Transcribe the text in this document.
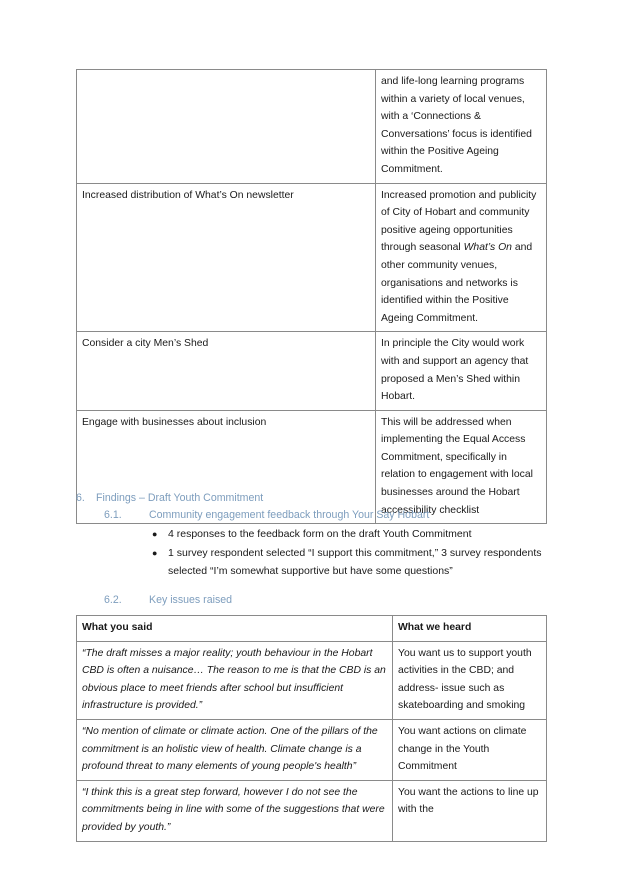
	and life-long learning programs within a variety of local venues, with a ‘Connections & Conversations’ focus is identified within the Positive Ageing Commitment.
Increased distribution of What’s On newsletter	Increased promotion and publicity of City of Hobart and community positive ageing opportunities through seasonal What’s On and other community venues, organisations and networks is identified within the Positive Ageing Commitment.
Consider a city Men’s Shed	In principle the City would work with and support an agency that proposed a Men’s Shed within Hobart.
Engage with businesses about inclusion	This will be addressed when implementing the Equal Access Commitment, specifically in relation to engagement with local businesses around the Hobart accessibility checklist
6.	Findings – Draft Youth Commitment
6.1.	Community engagement feedback through Your Say Hobart
●	4 responses to the feedback form on the draft Youth Commitment
●	1 survey respondent selected “I support this commitment,” 3 survey respondents selected “I’m somewhat supportive but have some questions”
6.2.	Key issues raised
What you said	What we heard
“The draft misses a major reality; youth behaviour in the Hobart CBD is often a nuisance… The reason to me is that the CBD is an obvious place to meet friends after school but insufficient infrastructure is provided.”	You want us to support youth activities in the CBD; and address- issue such as skateboarding and smoking
“No mention of climate or climate action. One of the pillars of the commitment is an holistic view of health. Climate change is a profound threat to many elements of young people's health”	You want actions on climate change in the Youth Commitment
“I think this is a great step forward, however I do not see the commitments being in line with some of the suggestions that were provided by youth.”	You want the actions to line up with the
